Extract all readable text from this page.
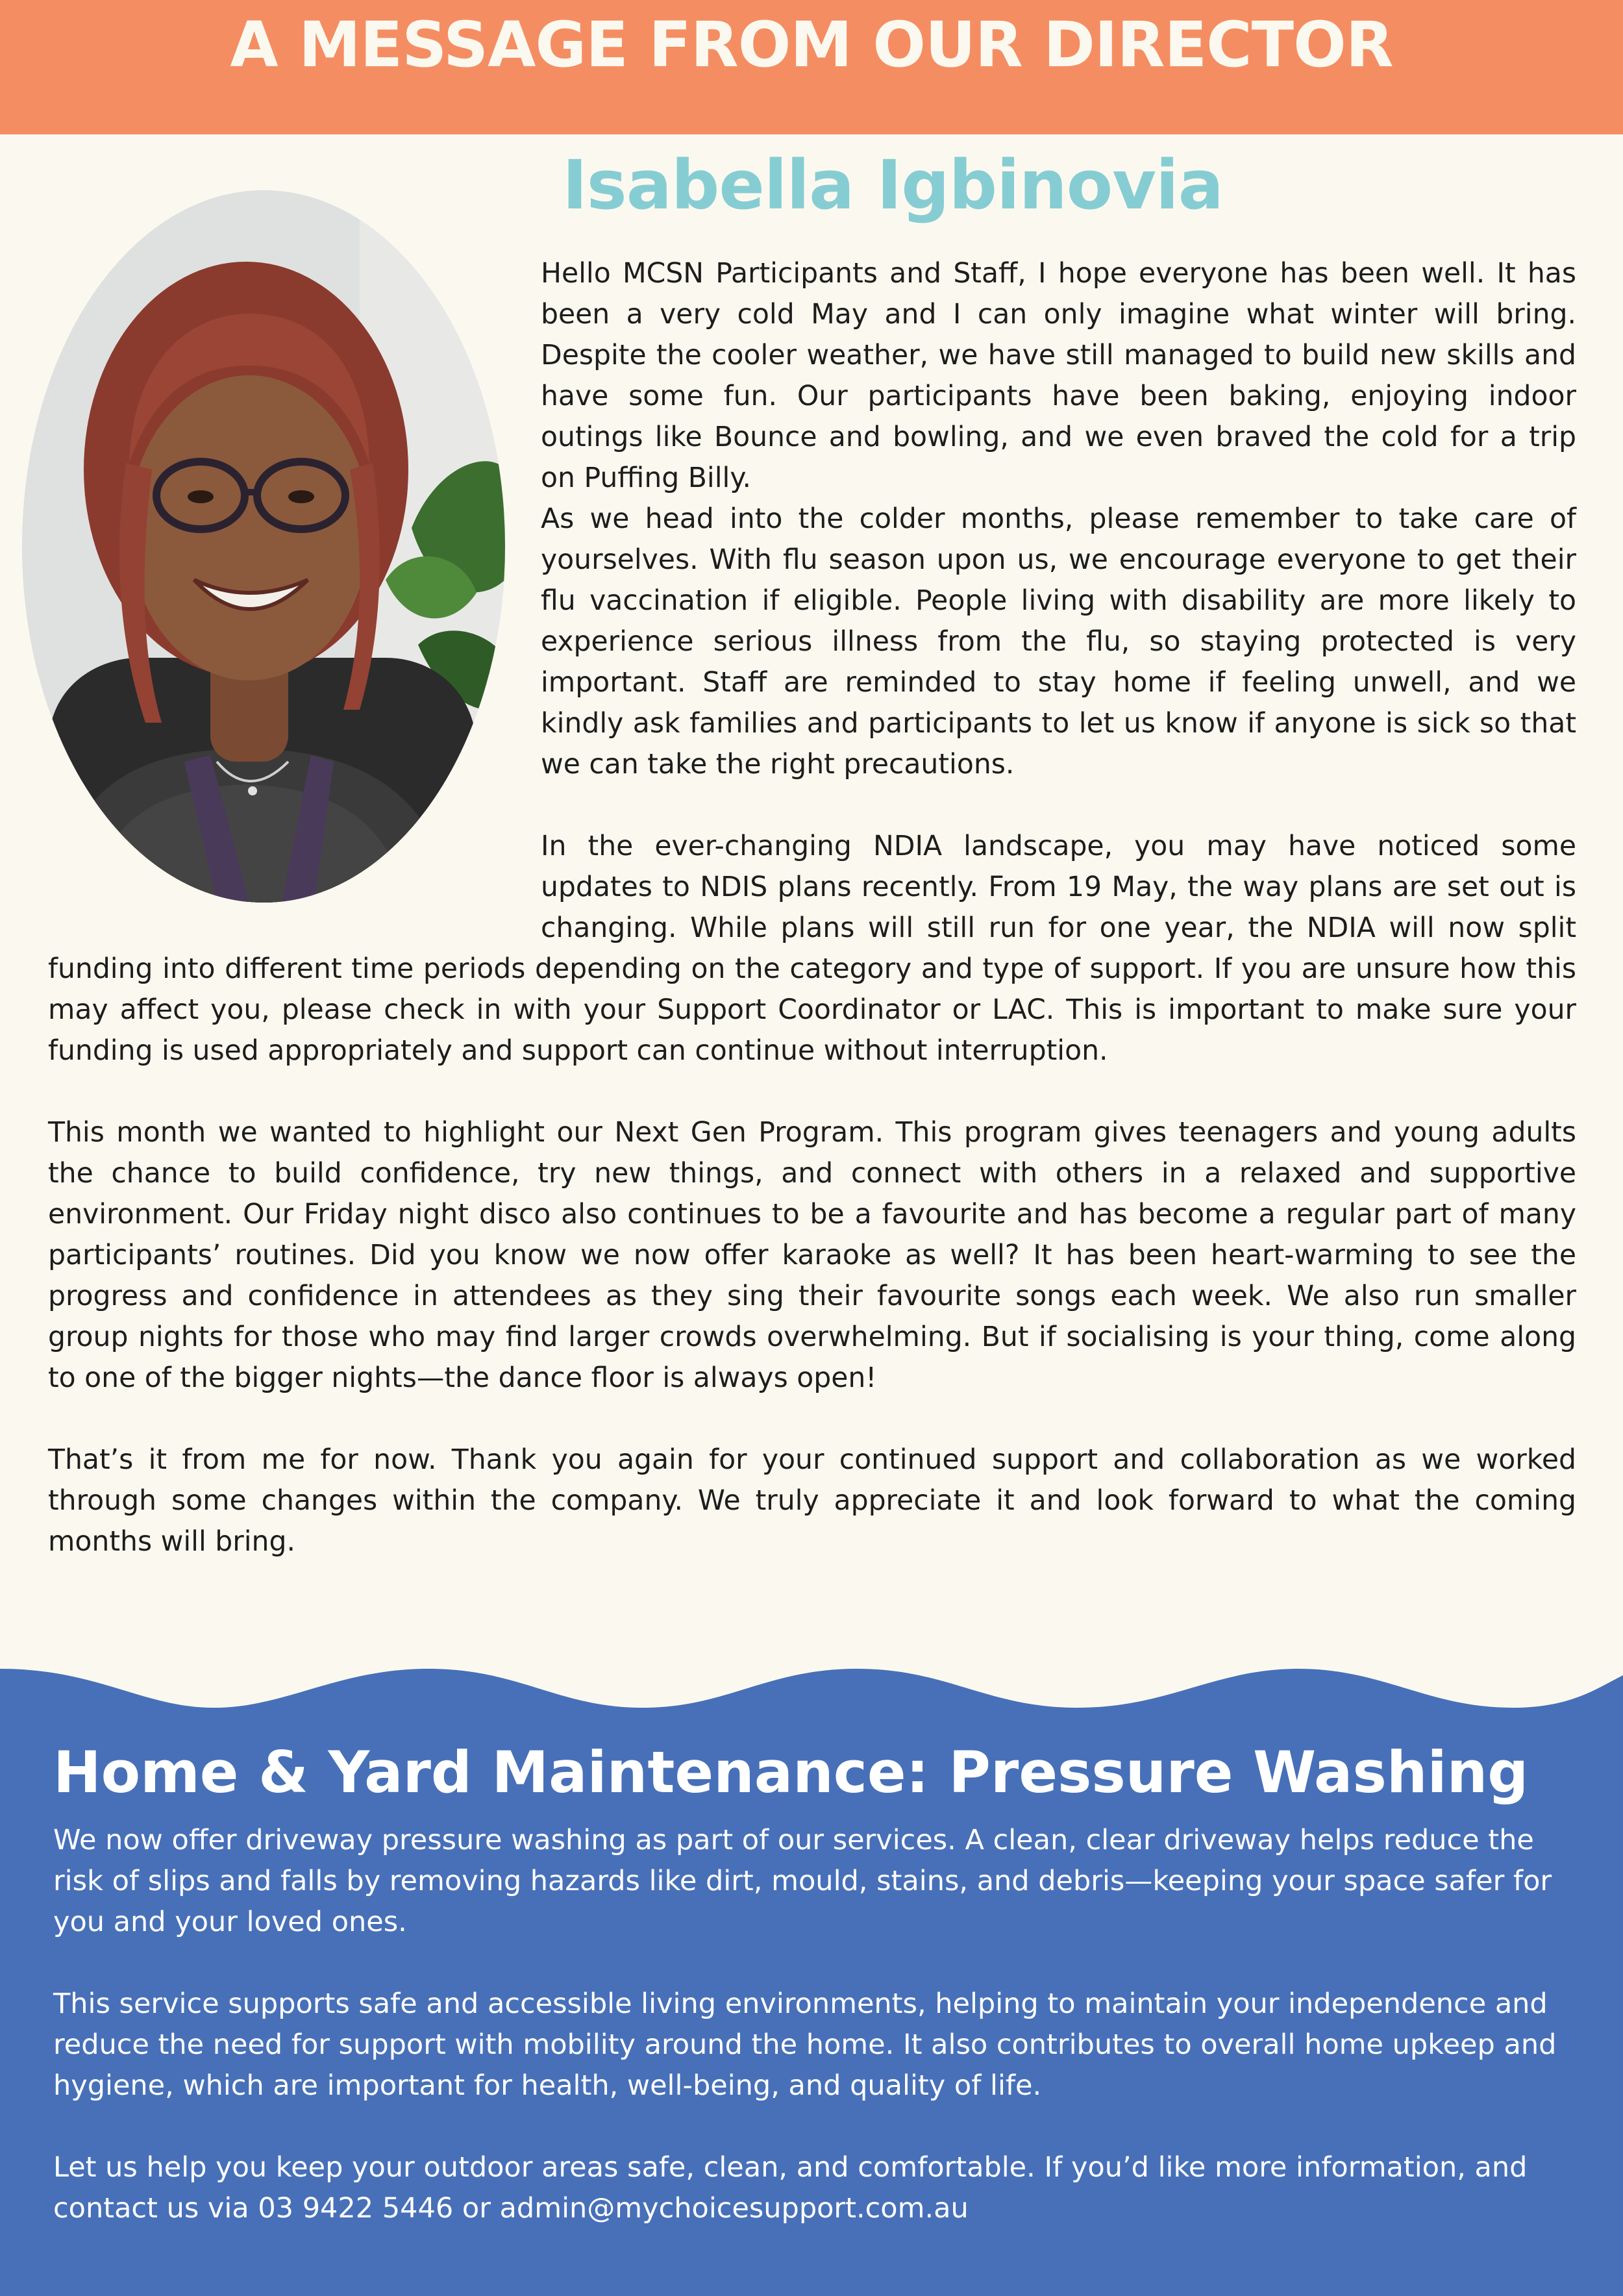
A MESSAGE FROM OUR DIRECTOR
Isabella Igbinovia

Hello MCSN Participants and Staff, I hope everyone has been well. It has been a very cold May and I can only imagine what winter will bring. Despite the cooler weather, we have still managed to build new skills and have some fun. Our participants have been baking, enjoying indoor outings like Bounce and bowling, and we even braved the cold for a trip on Puffing Billy.

As we head into the colder months, please remember to take care of yourselves. With flu season upon us, we encourage everyone to get their flu vaccination if eligible. People living with disability are more likely to experience serious illness from the flu, so staying protected is very important. Staff are reminded to stay home if feeling unwell, and we kindly ask families and participants to let us know if anyone is sick so that we can take the right precautions.

In the ever-changing NDIA landscape, you may have noticed some updates to NDIS plans recently. From 19 May, the way plans are set out is changing. While plans will still run for one year, the NDIA will now split funding into different time periods depending on the category and type of support. If you are unsure how this may affect you, please check in with your Support Coordinator or LAC. This is important to make sure your funding is used appropriately and support can continue without interruption.

This month we wanted to highlight our Next Gen Program. This program gives teenagers and young adults the chance to build confidence, try new things, and connect with others in a relaxed and supportive environment. Our Friday night disco also continues to be a favourite and has become a regular part of many participants’ routines. Did you know we now offer karaoke as well? It has been heart-warming to see the progress and confidence in attendees as they sing their favourite songs each week. We also run smaller group nights for those who may find larger crowds overwhelming. But if socialising is your thing, come along to one of the bigger nights—the dance floor is always open!

That’s it from me for now. Thank you again for your continued support and collaboration as we worked through some changes within the company. We truly appreciate it and look forward to what the coming months will bring.

Home & Yard Maintenance: Pressure Washing

We now offer driveway pressure washing as part of our services. A clean, clear driveway helps reduce the risk of slips and falls by removing hazards like dirt, mould, stains, and debris—keeping your space safer for you and your loved ones.

This service supports safe and accessible living environments, helping to maintain your independence and reduce the need for support with mobility around the home. It also contributes to overall home upkeep and hygiene, which are important for health, well-being, and quality of life.

Let us help you keep your outdoor areas safe, clean, and comfortable. If you’d like more information, and contact us via 03 9422 5446 or admin@mychoicesupport.com.au
